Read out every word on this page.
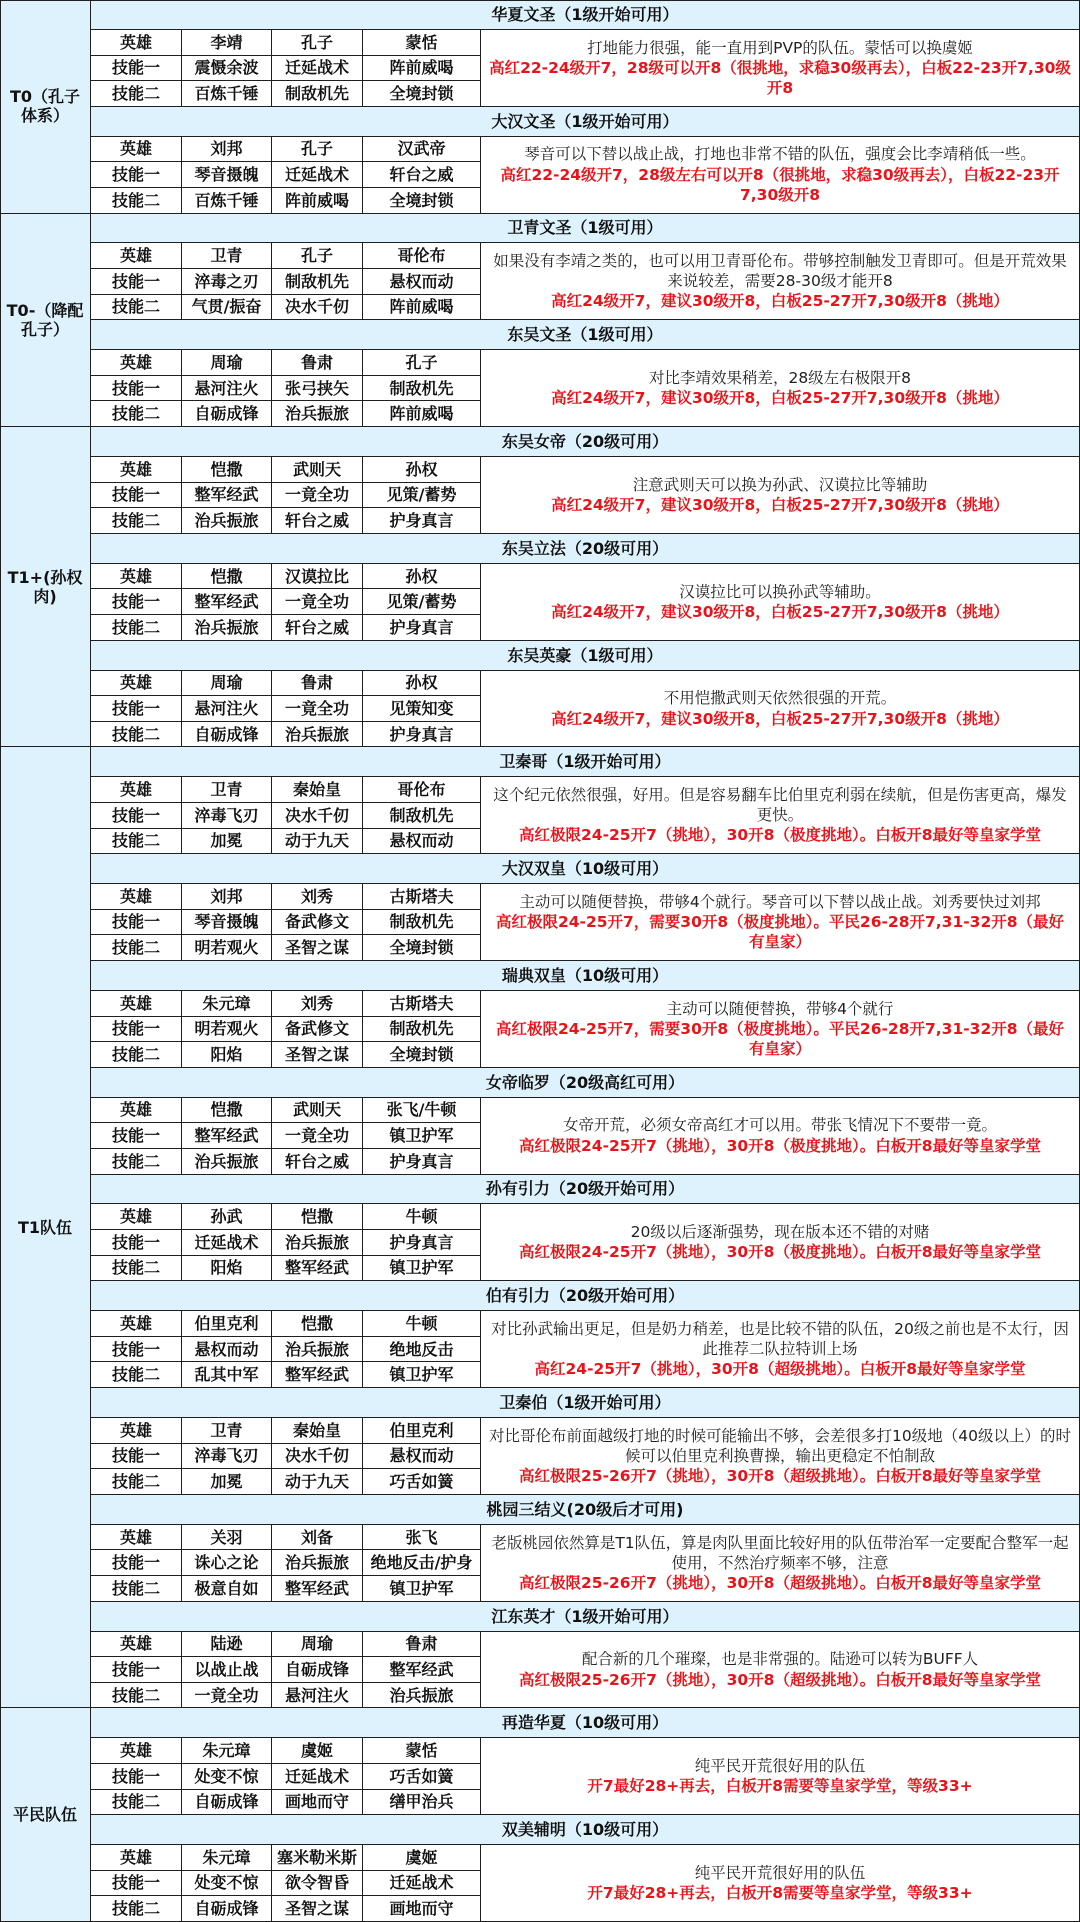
T0（孔子体系）
华夏文圣（1级开始可用）
英雄	李靖	孔子	蒙恬
技能一	震慑余波	迁延战术	阵前威喝
技能二	百炼千锤	制敌机先	全境封锁
打地能力很强，能一直用到PVP的队伍。蒙恬可以换虞姬
高红22-24级开7，28级可以开8（很挑地，求稳30级再去），白板22-23开7,30级开8
大汉文圣（1级开始可用）
英雄	刘邦	孔子	汉武帝
技能一	琴音摄魄	迁延战术	轩台之威
技能二	百炼千锤	阵前威喝	全境封锁
琴音可以下替以战止战，打地也非常不错的队伍，强度会比李靖稍低一些。
高红22-24级开7，28级左右可以开8（很挑地，求稳30级再去），白板22-23开7,30级开8
T0-（降配孔子）
卫青文圣（1级可用）
英雄	卫青	孔子	哥伦布
技能一	淬毒之刃	制敌机先	悬权而动
技能二	气贯/振奋	决水千仞	阵前威喝
如果没有李靖之类的，也可以用卫青哥伦布。带够控制触发卫青即可。但是开荒效果来说较差，需要28-30级才能开8
高红24级开7，建议30级开8，白板25-27开7,30级开8（挑地）
东吴文圣（1级可用）
英雄	周瑜	鲁肃	孔子
技能一	悬河注火	张弓挟矢	制敌机先
技能二	自砺成锋	治兵振旅	阵前威喝
对比李靖效果稍差，28级左右极限开8
高红24级开7，建议30级开8，白板25-27开7,30级开8（挑地）
T1+(孙权肉)
东吴女帝（20级可用）
英雄	恺撒	武则天	孙权
技能一	整军经武	一竟全功	见策/蓄势
技能二	治兵振旅	轩台之威	护身真言
注意武则天可以换为孙武、汉谟拉比等辅助
高红24级开7，建议30级开8，白板25-27开7,30级开8（挑地）
东吴立法（20级可用）
英雄	恺撒	汉谟拉比	孙权
技能一	整军经武	一竟全功	见策/蓄势
技能二	治兵振旅	轩台之威	护身真言
汉谟拉比可以换孙武等辅助。
高红24级开7，建议30级开8，白板25-27开7,30级开8（挑地）
东吴英豪（1级可用）
英雄	周瑜	鲁肃	孙权
技能一	悬河注火	一竟全功	见策知变
技能二	自砺成锋	治兵振旅	护身真言
不用恺撒武则天依然很强的开荒。
高红24级开7，建议30级开8，白板25-27开7,30级开8（挑地）
T1队伍
卫秦哥（1级开始可用）
英雄	卫青	秦始皇	哥伦布
技能一	淬毒飞刃	决水千仞	制敌机先
技能二	加冕	动于九天	悬权而动
这个纪元依然很强，好用。但是容易翻车比伯里克利弱在续航，但是伤害更高，爆发更快。
高红极限24-25开7（挑地），30开8（极度挑地）。白板开8最好等皇家学堂
大汉双皇（10级可用）
英雄	刘邦	刘秀	古斯塔夫
技能一	琴音摄魄	备武修文	制敌机先
技能二	明若观火	圣智之谋	全境封锁
主动可以随便替换，带够4个就行。琴音可以下替以战止战。刘秀要快过刘邦
高红极限24-25开7，需要30开8（极度挑地）。平民26-28开7,31-32开8（最好有皇家）
瑞典双皇（10级可用）
英雄	朱元璋	刘秀	古斯塔夫
技能一	明若观火	备武修文	制敌机先
技能二	阳焰	圣智之谋	全境封锁
主动可以随便替换，带够4个就行
高红极限24-25开7，需要30开8（极度挑地）。平民26-28开7,31-32开8（最好有皇家）
女帝临罗（20级高红可用）
英雄	恺撒	武则天	张飞/牛顿
技能一	整军经武	一竟全功	镇卫护军
技能二	治兵振旅	轩台之威	护身真言
女帝开荒，必须女帝高红才可以用。带张飞情况下不要带一竟。
高红极限24-25开7（挑地），30开8（极度挑地）。白板开8最好等皇家学堂
孙有引力（20级开始可用）
英雄	孙武	恺撒	牛顿
技能一	迁延战术	治兵振旅	护身真言
技能二	阳焰	整军经武	镇卫护军
20级以后逐渐强势，现在版本还不错的对赌
高红极限24-25开7（挑地），30开8（极度挑地）。白板开8最好等皇家学堂
伯有引力（20级开始可用）
英雄	伯里克利	恺撒	牛顿
技能一	悬权而动	治兵振旅	绝地反击
技能二	乱其中军	整军经武	镇卫护军
对比孙武输出更足，但是奶力稍差，也是比较不错的队伍，20级之前也是不太行，因此推荐二队拉特训上场
高红24-25开7（挑地），30开8（超级挑地）。白板开8最好等皇家学堂
卫秦伯（1级开始可用）
英雄	卫青	秦始皇	伯里克利
技能一	淬毒飞刃	决水千仞	悬权而动
技能二	加冕	动于九天	巧舌如簧
对比哥伦布前面越级打地的时候可能输出不够，会差很多打10级地（40级以上）的时候可以伯里克利换曹操，输出更稳定不怕制敌
高红极限25-26开7（挑地），30开8（超级挑地）。白板开8最好等皇家学堂
桃园三结义(20级后才可用)
英雄	关羽	刘备	张飞
技能一	诛心之论	治兵振旅	绝地反击/护身
技能二	极意自如	整军经武	镇卫护军
老版桃园依然算是T1队伍，算是肉队里面比较好用的队伍带治军一定要配合整军一起使用，不然治疗频率不够，注意
高红极限25-26开7（挑地），30开8（超级挑地）。白板开8最好等皇家学堂
江东英才（1级开始可用）
英雄	陆逊	周瑜	鲁肃
技能一	以战止战	自砺成锋	整军经武
技能二	一竟全功	悬河注火	治兵振旅
配合新的几个璀璨，也是非常强的。陆逊可以转为BUFF人
高红极限25-26开7（挑地），30开8（超级挑地）。白板开8最好等皇家学堂
平民队伍
再造华夏（10级可用）
英雄	朱元璋	虞姬	蒙恬
技能一	处变不惊	迁延战术	巧舌如簧
技能二	自砺成锋	画地而守	缮甲治兵
纯平民开荒很好用的队伍
开7最好28+再去，白板开8需要等皇家学堂，等级33+
双美辅明（10级可用）
英雄	朱元璋	塞米勒米斯	虞姬
技能一	处变不惊	欲令智昏	迁延战术
技能二	自砺成锋	圣智之谋	画地而守
纯平民开荒很好用的队伍
开7最好28+再去，白板开8需要等皇家学堂，等级33+
